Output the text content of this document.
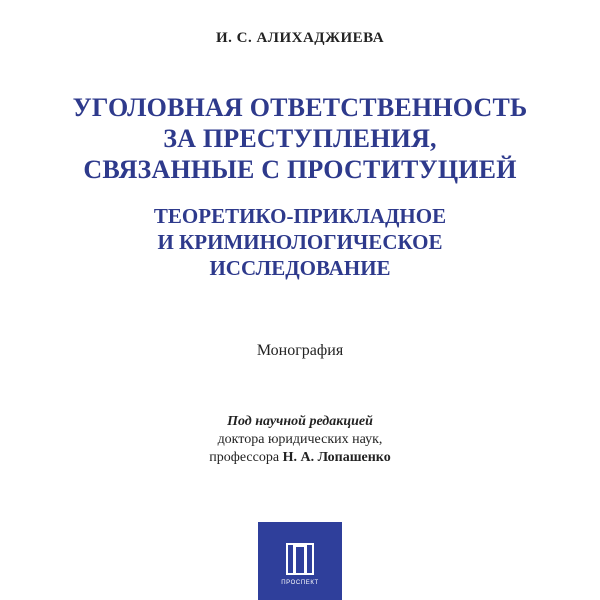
И. С. АЛИХАДЖИЕВА
УГОЛОВНАЯ ОТВЕТСТВЕННОСТЬ
ЗА ПРЕСТУПЛЕНИЯ,
СВЯЗАННЫЕ С ПРОСТИТУЦИЕЙ
ТЕОРЕТИКО-ПРИКЛАДНОЕ
И КРИМИНОЛОГИЧЕСКОЕ
ИССЛЕДОВАНИЕ
Монография
Под научной редакцией
доктора юридических наук,
профессора Н. А. Лопашенко
ПРОСПЕКТ
